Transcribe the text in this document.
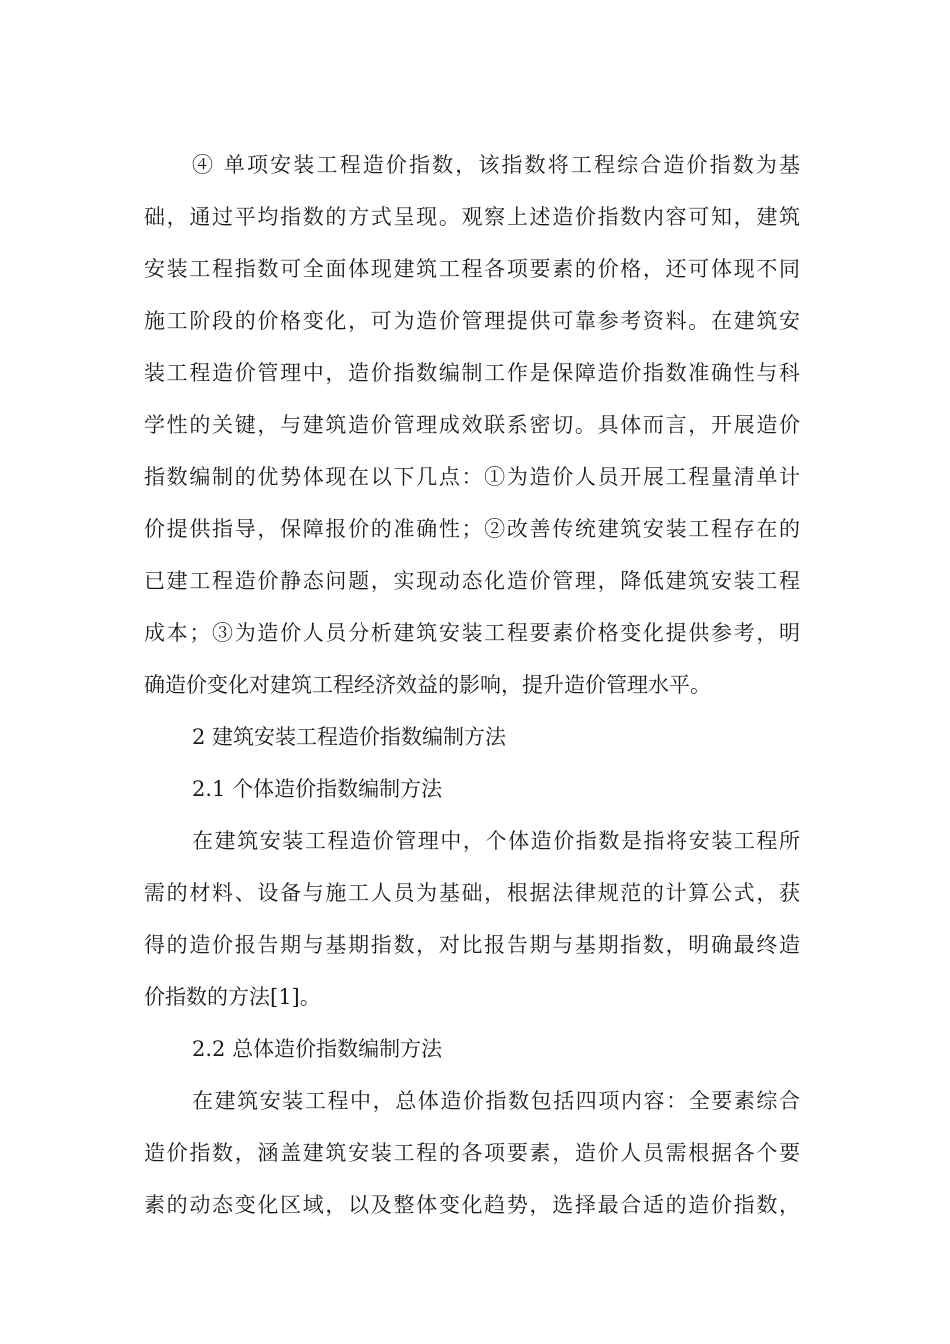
④ 单项安装工程造价指数，该指数将工程综合造价指数为基
础，通过平均指数的方式呈现。观察上述造价指数内容可知，建筑
安装工程指数可全面体现建筑工程各项要素的价格，还可体现不同
施工阶段的价格变化，可为造价管理提供可靠参考资料。在建筑安
装工程造价管理中，造价指数编制工作是保障造价指数准确性与科
学性的关键，与建筑造价管理成效联系密切。具体而言，开展造价
指数编制的优势体现在以下几点：①为造价人员开展工程量清单计
价提供指导，保障报价的准确性；②改善传统建筑安装工程存在的
已建工程造价静态问题，实现动态化造价管理，降低建筑安装工程
成本；③为造价人员分析建筑安装工程要素价格变化提供参考，明
确造价变化对建筑工程经济效益的影响，提升造价管理水平。
2 建筑安装工程造价指数编制方法
2.1 个体造价指数编制方法
在建筑安装工程造价管理中，个体造价指数是指将安装工程所
需的材料、设备与施工人员为基础，根据法律规范的计算公式，获
得的造价报告期与基期指数，对比报告期与基期指数，明确最终造
价指数的方法[1]。
2.2 总体造价指数编制方法
在建筑安装工程中，总体造价指数包括四项内容：全要素综合
造价指数，涵盖建筑安装工程的各项要素，造价人员需根据各个要
素的动态变化区域，以及整体变化趋势，选择最合适的造价指数，
